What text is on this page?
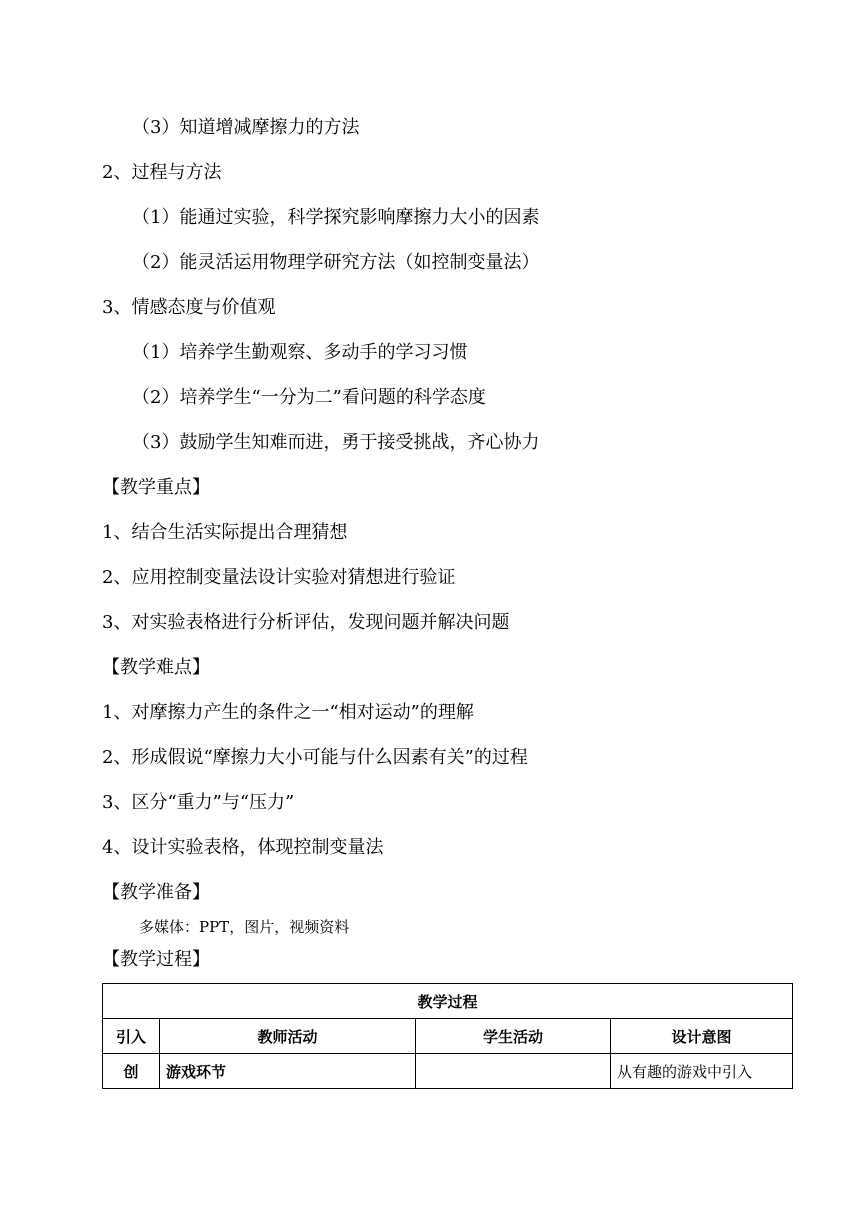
（3）知道增减摩擦力的方法
2、过程与方法
（1）能通过实验，科学探究影响摩擦力大小的因素
（2）能灵活运用物理学研究方法（如控制变量法）
3、情感态度与价值观
（1）培养学生勤观察、多动手的学习习惯
（2）培养学生“一分为二”看问题的科学态度
（3）鼓励学生知难而进，勇于接受挑战，齐心协力
【教学重点】
1、结合生活实际提出合理猜想
2、应用控制变量法设计实验对猜想进行验证
3、对实验表格进行分析评估，发现问题并解决问题
【教学难点】
1、对摩擦力产生的条件之一“相对运动”的理解
2、形成假说“摩擦力大小可能与什么因素有关”的过程
3、区分“重力”与“压力”
4、设计实验表格，体现控制变量法
【教学准备】
多媒体：PPT，图片，视频资料
【教学过程】
教学过程			
引入	教师活动	学生活动	设计意图
创	游戏环节		从有趣的游戏中引入
